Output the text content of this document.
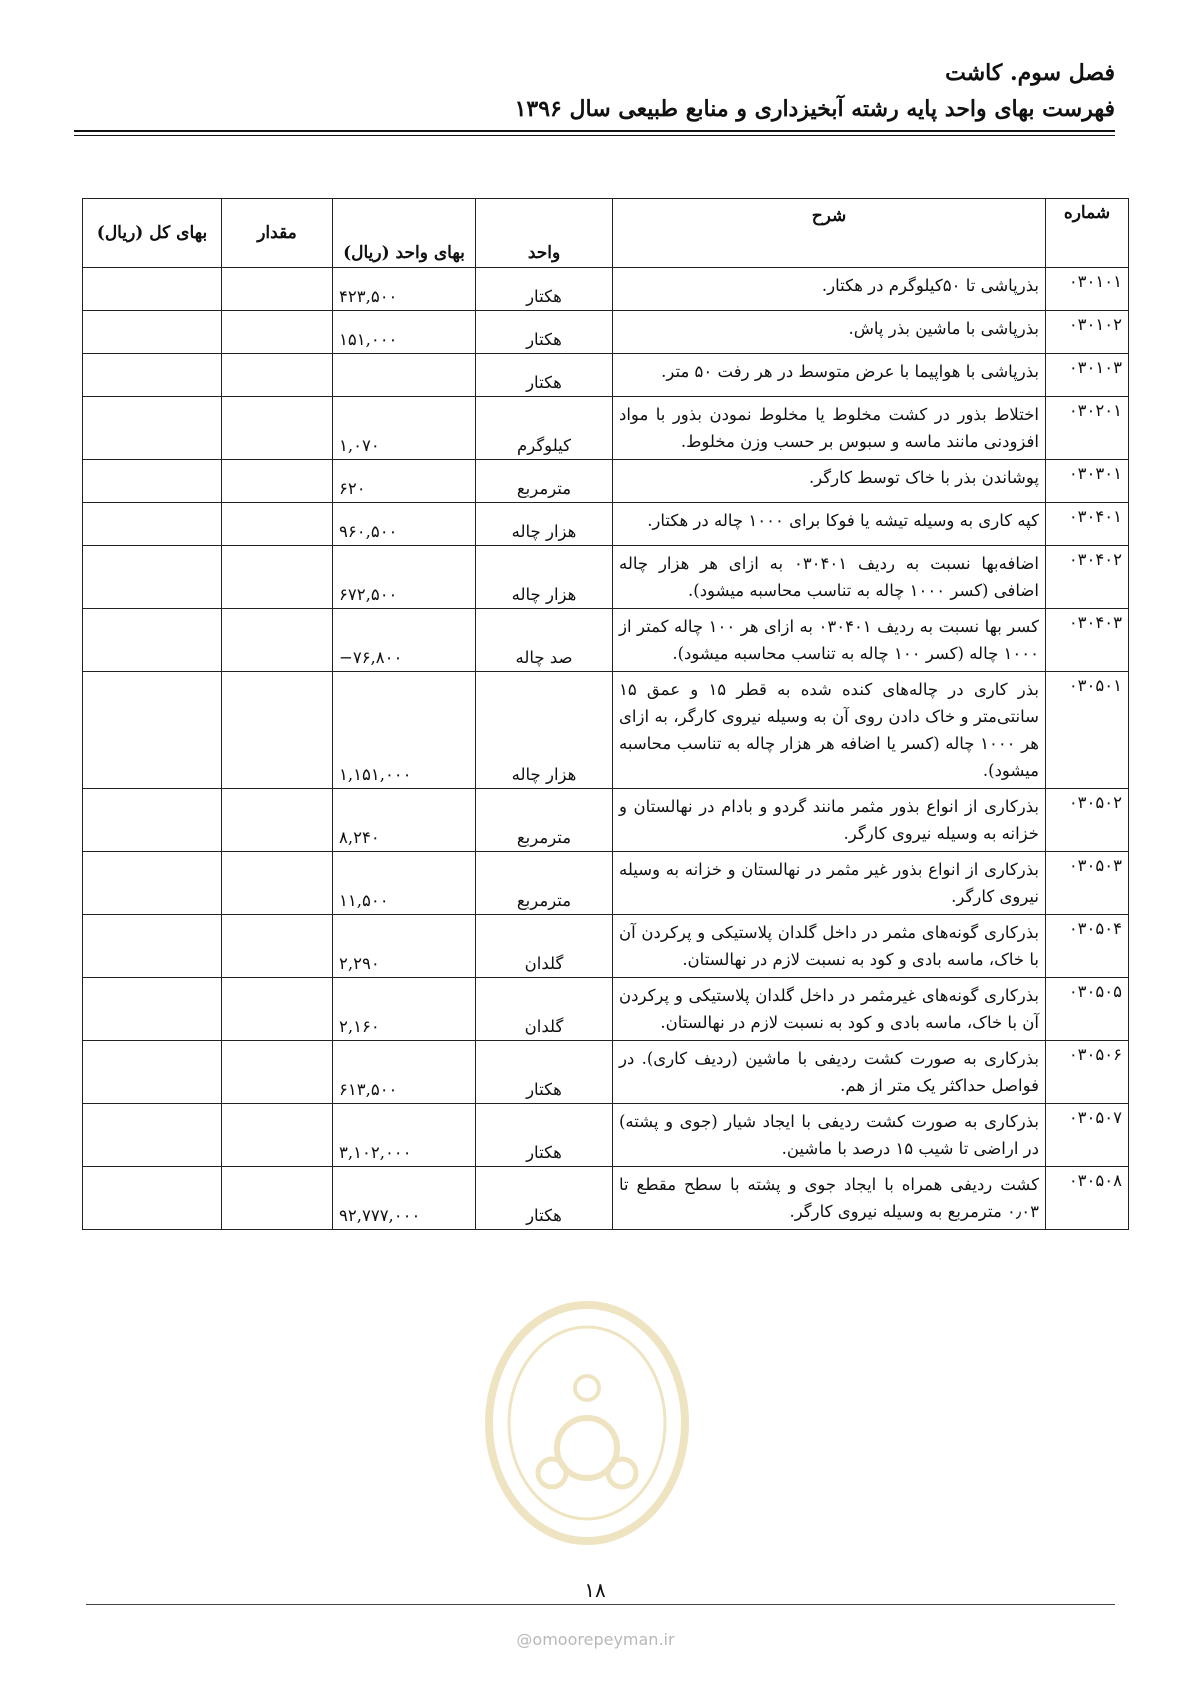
فصل سوم. کاشت
فهرست بهای واحد پایه رشته آبخیزداری و منابع طبیعی سال ۱۳۹۶
شماره	شرح	واحد	بهای واحد (ریال)	مقدار	بهای کل (ریال)
۰۳۰۱۰۱	بذرپاشی تا ۵۰کیلوگرم در هکتار.	هکتار	۴۲۳,۵۰۰		
۰۳۰۱۰۲	بذرپاشی با ماشین بذر پاش.	هکتار	۱۵۱,۰۰۰		
۰۳۰۱۰۳	بذرپاشی با هواپیما با عرض متوسط در هر رفت ۵۰ متر.	هکتار			
۰۳۰۲۰۱	اختلاط بذور در کشت مخلوط یا مخلوط نمودن بذور با مواد افزودنی مانند ماسه و سبوس بر حسب وزن مخلوط.	کیلوگرم	۱,۰۷۰		
۰۳۰۳۰۱	پوشاندن بذر با خاک توسط کارگر.	مترمربع	۶۲۰		
۰۳۰۴۰۱	کپه کاری به وسیله تیشه یا فوکا برای ۱۰۰۰ چاله در هکتار.	هزار چاله	۹۶۰,۵۰۰		
۰۳۰۴۰۲	اضافه‌بها نسبت به ردیف ۰۳۰۴۰۱ به ازای هر هزار چاله اضافی (کسر ۱۰۰۰ چاله به تناسب محاسبه میشود).	هزار چاله	۶۷۲,۵۰۰		
۰۳۰۴۰۳	کسر بها نسبت به ردیف ۰۳۰۴۰۱ به ازای هر ۱۰۰ چاله کمتر از ۱۰۰۰ چاله (کسر ۱۰۰ چاله به تناسب محاسبه میشود).	صد چاله	−۷۶,۸۰۰		
۰۳۰۵۰۱	بذر کاری در چاله‌های کنده شده به قطر ۱۵ و عمق ۱۵ سانتی‌متر و خاک دادن روی آن به وسیله نیروی کارگر، به ازای هر ۱۰۰۰ چاله (کسر یا اضافه هر هزار چاله به تناسب محاسبه میشود).	هزار چاله	۱,۱۵۱,۰۰۰		
۰۳۰۵۰۲	بذرکاری از انواع بذور مثمر مانند گردو و بادام در نهالستان و خزانه به وسیله نیروی کارگر.	مترمربع	۸,۲۴۰		
۰۳۰۵۰۳	بذرکاری از انواع بذور غیر مثمر در نهالستان و خزانه به وسیله نیروی کارگر.	مترمربع	۱۱,۵۰۰		
۰۳۰۵۰۴	بذرکاری گونه‌های مثمر در داخل گلدان پلاستیکی و پرکردن آن با خاک، ماسه بادی و کود به نسبت لازم در نهالستان.	گلدان	۲,۲۹۰		
۰۳۰۵۰۵	بذرکاری گونه‌های غیرمثمر در داخل گلدان پلاستیکی و پرکردن آن با خاک، ماسه بادی و کود به نسبت لازم در نهالستان.	گلدان	۲,۱۶۰		
۰۳۰۵۰۶	بذرکاری به صورت کشت ردیفی با ماشین (ردیف کاری). در فواصل حداکثر یک متر از هم.	هکتار	۶۱۳,۵۰۰		
۰۳۰۵۰۷	بذرکاری به صورت کشت ردیفی با ایجاد شیار (جوی و پشته) در اراضی تا شیب ۱۵ درصد با ماشین.	هکتار	۳,۱۰۲,۰۰۰		
۰۳۰۵۰۸	کشت ردیفی همراه با ایجاد جوی و پشته با سطح مقطع تا ۰٫۰۳ مترمربع به وسیله نیروی کارگر.	هکتار	۹۲,۷۷۷,۰۰۰		
۱۸
@omoorepeyman.ir
